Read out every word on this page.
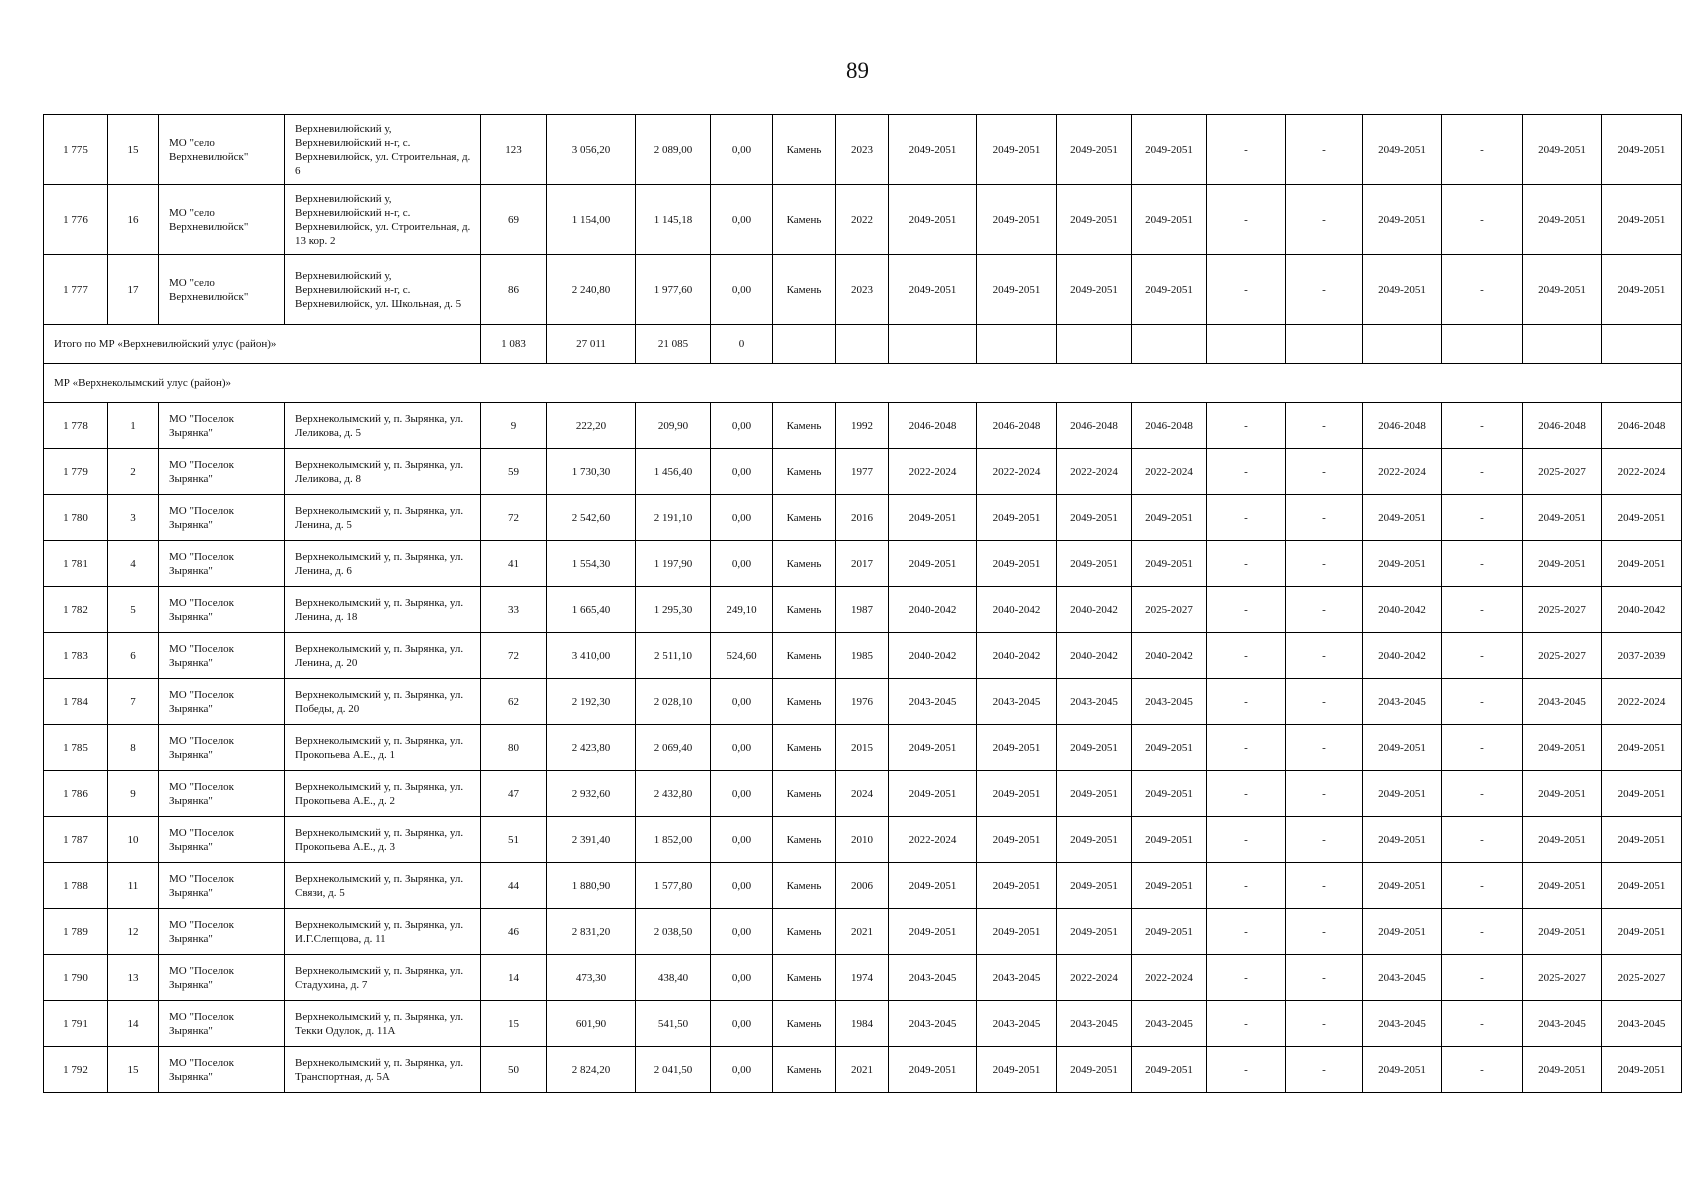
89
1 775	15	МО "село Верхневилюйск"	Верхневилюйский у, Верхневилюйский н-г, с. Верхневилюйск, ул. Строительная, д. 6	123	3 056,20	2 089,00	0,00	Камень	2023	2049-2051	2049-2051	2049-2051	2049-2051	-	-	2049-2051	-	2049-2051	2049-2051
1 776	16	МО "село Верхневилюйск"	Верхневилюйский у, Верхневилюйский н-г, с. Верхневилюйск, ул. Строительная, д. 13 кор. 2	69	1 154,00	1 145,18	0,00	Камень	2022	2049-2051	2049-2051	2049-2051	2049-2051	-	-	2049-2051	-	2049-2051	2049-2051
1 777	17	МО "село Верхневилюйск"	Верхневилюйский у, Верхневилюйский н-г, с. Верхневилюйск, ул. Школьная, д. 5	86	2 240,80	1 977,60	0,00	Камень	2023	2049-2051	2049-2051	2049-2051	2049-2051	-	-	2049-2051	-	2049-2051	2049-2051
Итого по МР «Верхневилюйский улус (район)»				1 083	27 011	21 085	0												
МР «Верхнеколымский улус (район)»																			
1 778	1	МО "Поселок Зырянка"	Верхнеколымский у, п. Зырянка, ул. Леликова, д. 5	9	222,20	209,90	0,00	Камень	1992	2046-2048	2046-2048	2046-2048	2046-2048	-	-	2046-2048	-	2046-2048	2046-2048
1 779	2	МО "Поселок Зырянка"	Верхнеколымский у, п. Зырянка, ул. Леликова, д. 8	59	1 730,30	1 456,40	0,00	Камень	1977	2022-2024	2022-2024	2022-2024	2022-2024	-	-	2022-2024	-	2025-2027	2022-2024
1 780	3	МО "Поселок Зырянка"	Верхнеколымский у, п. Зырянка, ул. Ленина, д. 5	72	2 542,60	2 191,10	0,00	Камень	2016	2049-2051	2049-2051	2049-2051	2049-2051	-	-	2049-2051	-	2049-2051	2049-2051
1 781	4	МО "Поселок Зырянка"	Верхнеколымский у, п. Зырянка, ул. Ленина, д. 6	41	1 554,30	1 197,90	0,00	Камень	2017	2049-2051	2049-2051	2049-2051	2049-2051	-	-	2049-2051	-	2049-2051	2049-2051
1 782	5	МО "Поселок Зырянка"	Верхнеколымский у, п. Зырянка, ул. Ленина, д. 18	33	1 665,40	1 295,30	249,10	Камень	1987	2040-2042	2040-2042	2040-2042	2025-2027	-	-	2040-2042	-	2025-2027	2040-2042
1 783	6	МО "Поселок Зырянка"	Верхнеколымский у, п. Зырянка, ул. Ленина, д. 20	72	3 410,00	2 511,10	524,60	Камень	1985	2040-2042	2040-2042	2040-2042	2040-2042	-	-	2040-2042	-	2025-2027	2037-2039
1 784	7	МО "Поселок Зырянка"	Верхнеколымский у, п. Зырянка, ул. Победы, д. 20	62	2 192,30	2 028,10	0,00	Камень	1976	2043-2045	2043-2045	2043-2045	2043-2045	-	-	2043-2045	-	2043-2045	2022-2024
1 785	8	МО "Поселок Зырянка"	Верхнеколымский у, п. Зырянка, ул. Прокопьева А.Е., д. 1	80	2 423,80	2 069,40	0,00	Камень	2015	2049-2051	2049-2051	2049-2051	2049-2051	-	-	2049-2051	-	2049-2051	2049-2051
1 786	9	МО "Поселок Зырянка"	Верхнеколымский у, п. Зырянка, ул. Прокопьева А.Е., д. 2	47	2 932,60	2 432,80	0,00	Камень	2024	2049-2051	2049-2051	2049-2051	2049-2051	-	-	2049-2051	-	2049-2051	2049-2051
1 787	10	МО "Поселок Зырянка"	Верхнеколымский у, п. Зырянка, ул. Прокопьева А.Е., д. 3	51	2 391,40	1 852,00	0,00	Камень	2010	2022-2024	2049-2051	2049-2051	2049-2051	-	-	2049-2051	-	2049-2051	2049-2051
1 788	11	МО "Поселок Зырянка"	Верхнеколымский у, п. Зырянка, ул. Связи, д. 5	44	1 880,90	1 577,80	0,00	Камень	2006	2049-2051	2049-2051	2049-2051	2049-2051	-	-	2049-2051	-	2049-2051	2049-2051
1 789	12	МО "Поселок Зырянка"	Верхнеколымский у, п. Зырянка, ул. И.Г.Слепцова, д. 11	46	2 831,20	2 038,50	0,00	Камень	2021	2049-2051	2049-2051	2049-2051	2049-2051	-	-	2049-2051	-	2049-2051	2049-2051
1 790	13	МО "Поселок Зырянка"	Верхнеколымский у, п. Зырянка, ул. Стадухина, д. 7	14	473,30	438,40	0,00	Камень	1974	2043-2045	2043-2045	2022-2024	2022-2024	-	-	2043-2045	-	2025-2027	2025-2027
1 791	14	МО "Поселок Зырянка"	Верхнеколымский у, п. Зырянка, ул. Текки Одулок, д. 11А	15	601,90	541,50	0,00	Камень	1984	2043-2045	2043-2045	2043-2045	2043-2045	-	-	2043-2045	-	2043-2045	2043-2045
1 792	15	МО "Поселок Зырянка"	Верхнеколымский у, п. Зырянка, ул. Транспортная, д. 5А	50	2 824,20	2 041,50	0,00	Камень	2021	2049-2051	2049-2051	2049-2051	2049-2051	-	-	2049-2051	-	2049-2051	2049-2051
